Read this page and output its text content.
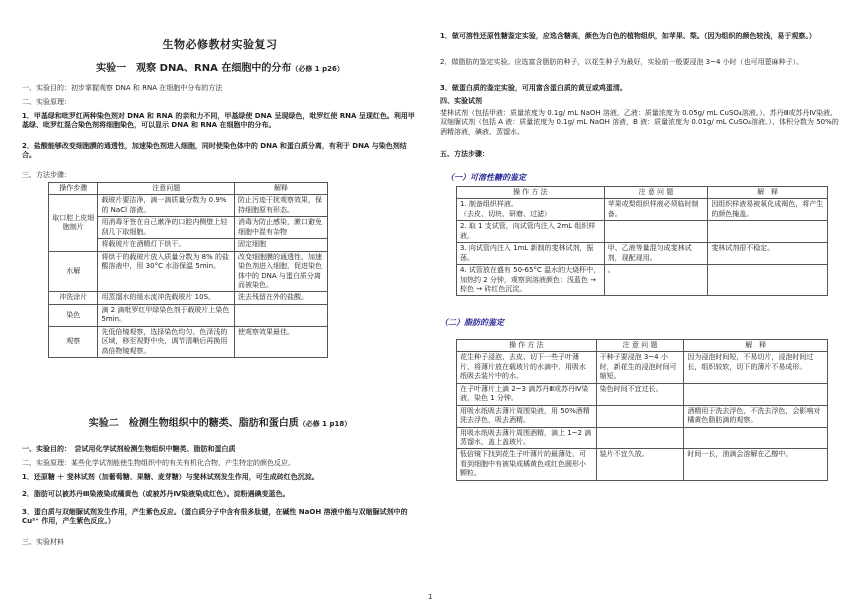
生物必修教材实验复习
实验一　观察 DNA、RNA 在细胞中的分布（必修 1 p26）
一、实验目的：初步掌握观察 DNA 和 RNA 在细胞中分布的方法
二、实验原理：
1．甲基绿和吡罗红两种染色剂对 DNA 和 RNA 的亲和力不同，甲基绿使 DNA 呈现绿色，吡罗红使 RNA 呈现红色。利用甲基绿、吡罗红混合染色剂将细胞染色，可以显示 DNA 和 RNA 在细胞中的分布。
2．盐酸能够改变细胞膜的通透性，加速染色剂进入细胞，同时使染色体中的 DNA 和蛋白质分离，有利于 DNA 与染色剂结合。
三、方法步骤：
操作步骤	注意问题	解释
取口腔上皮细胞制片	载玻片要洁净，滴一滴质量分数为 0.9% 的 NaCl 溶液。	防止污迹干扰观察效果，保持细胞原有形态。
	用消毒牙签在自己漱净的口腔内侧壁上轻刮几下取细胞。	消毒为防止感染，漱口避免细胞中混有杂物
	将载玻片在酒精灯下烘干。	固定细胞
水解	将烘干的载玻片放入质量分数为 8% 的盐酸溶液中，用 30°C 水浴保温 5min。	改变细胞膜的通透性，加速染色剂进入细胞，促进染色体中的 DNA 与蛋白质分离而被染色。
冲洗涂片	用蒸馏水的缓水流冲洗载玻片 10S。	洗去残留在外的盐酸。
染色	滴 2 滴吡罗红甲绿染色剂于载玻片上染色 5min。	
观察	先低倍镜观察，选择染色均匀、色泽浅的区域，移至视野中央，调节清晰后再换用高倍物镜观察。	使观察效果最佳。
实验二　检测生物组织中的糖类、脂肪和蛋白质（必修 1 p18）
一、实验目的：　尝试用化学试剂检测生物组织中糖类、脂肪和蛋白质
二、实验原理：某些化学试剂能使生物组织中的有关有机化合物，产生特定的颜色反应。
1．还原糖 ＋ 斐林试剂（加葡萄糖、果糖、麦芽糖）与斐林试剂发生作用，可生成砖红色沉淀。
2．脂肪可以被苏丹Ⅲ染液染成橘黄色（或被苏丹Ⅳ染液染成红色）。淀粉遇碘变蓝色。
3．蛋白质与双缩脲试剂发生作用，产生紫色反应。（蛋白质分子中含有很多肽键，在碱性 NaOH 溶液中能与双缩脲试剂中的 Cu²⁺ 作用，产生紫色反应。）
三、实验材料
1．做可溶性还原性糖鉴定实验，应选含糖高，颜色为白色的植物组织，如苹果、梨。（因为组织的颜色较浅，易于观察。）
2．做脂肪的鉴定实验。应选富含脂肪的种子，以花生种子为最好，实验前一般要浸泡 3~4 小时（也可用蓖麻种子）。
3．做蛋白质的鉴定实验，可用富含蛋白质的黄豆或鸡蛋清。
四、实验试剂
斐林试剂（包括甲液：质量浓度为 0.1g/ mL NaOH 溶液，乙液：质量浓度为 0.05g/ mL CuSO₄溶液。）、苏丹Ⅲ或苏丹Ⅳ染液、双缩脲试剂（包括 A 液：质量浓度为 0.1g/ mL NaOH 溶液，B 液：质量浓度为 0.01g/ mL CuSO₄溶液。）、体积分数为 50%的酒精溶液，碘液、蒸馏水。
五、方法步骤：
（一）可溶性糖的鉴定
操 作 方 法	注 意 问 题	解　释
1. 制备组织样液。
（去皮、切块、研磨、过滤）	苹果或梨组织样液必须临时制备。	因组织样液易被氧化成褐色，将产生的颜色掩盖。
2. 取 1 支试管，向试管内注入 2mL 组织样液。		
3. 向试管内注入 1mL 新制的斐林试剂，振荡。	甲、乙液等量混匀成斐林试剂，现配现用。	斐林试剂很不稳定。
4. 试管放在盛有 50-65°C 温水的大烧杯中，加热约 2 分钟，观察到溶液颜色：浅蓝色 → 棕色 → 砖红色沉淀。	。	
（二）脂肪的鉴定
操 作 方 法	注 意 问 题	解　释
花生种子浸泡、去皮、切下一些子叶薄片，将薄片放在载玻片的水滴中，用吸水纸吸去装片中的水。	干种子要浸泡 3~4 小时，新花生的浸泡时间可缩短。	因为浸泡时间短，不易切片，浸泡时间过长，组织较软，切下的薄片不易成形。
在子叶薄片上滴 2~3 滴苏丹Ⅲ或苏丹Ⅳ染液，染色 1 分钟。	染色时间不宜过长。	
用吸水纸吸去薄片周围染液，用 50%酒精洗去浮色，吸去酒精。		酒精用于洗去浮色，不洗去浮色，会影响对橘黄色脂肪滴的观察。
用吸水纸吸去薄片周围酒精，滴上 1~2 滴蒸馏水，盖上盖玻片。		
低倍镜下找到花生子叶薄片的最薄处，可看到细胞中有被染成橘黄色或红色圆形小颗粒。	装片不宜久放。	时间一长，油滴会溶解在乙醇中。
1
